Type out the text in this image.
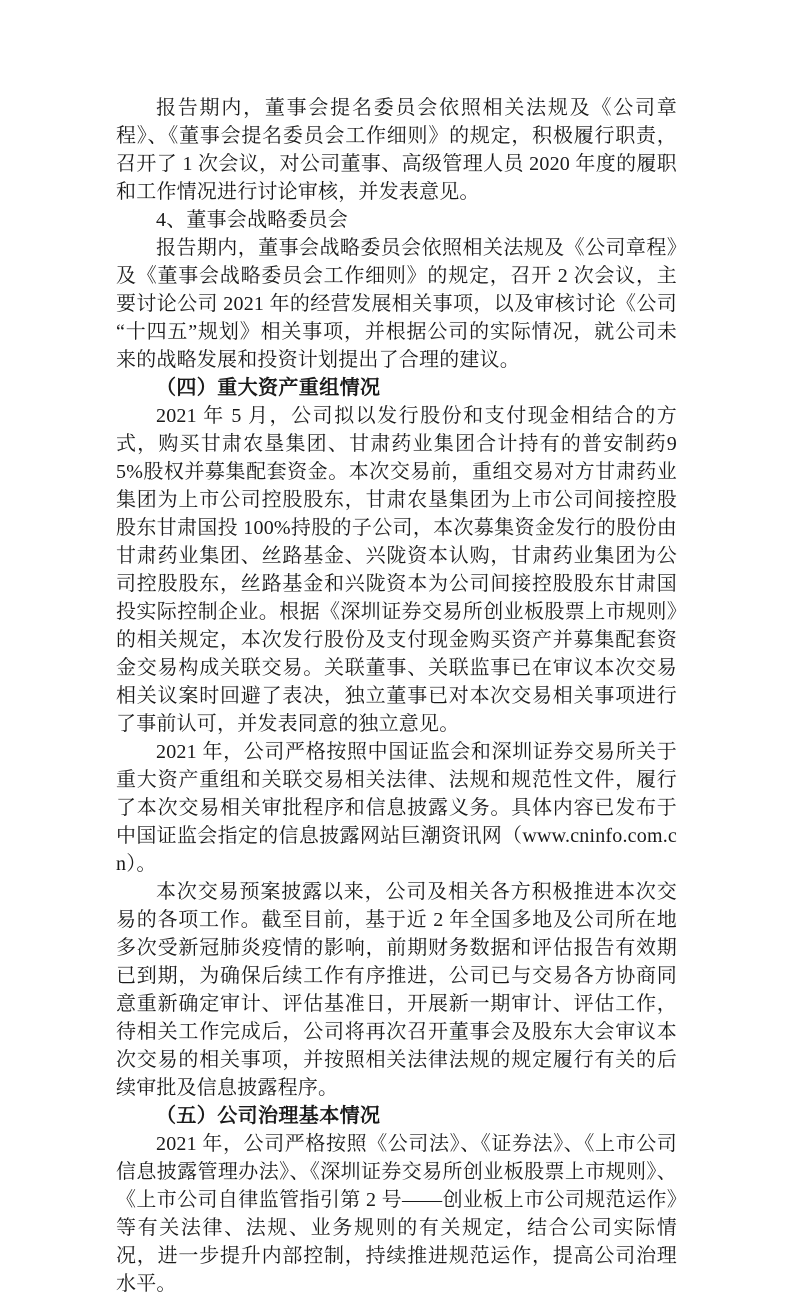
报告期内，董事会提名委员会依照相关法规及《公司章程》、《董事会提名委员会工作细则》的规定，积极履行职责，召开了 1 次会议，对公司董事、高级管理人员 2020 年度的履职和工作情况进行讨论审核，并发表意见。

4、董事会战略委员会

报告期内，董事会战略委员会依照相关法规及《公司章程》及《董事会战略委员会工作细则》的规定，召开 2 次会议，主要讨论公司 2021 年的经营发展相关事项，以及审核讨论《公司“十四五”规划》相关事项，并根据公司的实际情况，就公司未来的战略发展和投资计划提出了合理的建议。

（四）重大资产重组情况

2021 年 5 月，公司拟以发行股份和支付现金相结合的方式，购买甘肃农垦集团、甘肃药业集团合计持有的普安制药95%股权并募集配套资金。本次交易前，重组交易对方甘肃药业集团为上市公司控股股东，甘肃农垦集团为上市公司间接控股股东甘肃国投 100%持股的子公司，本次募集资金发行的股份由甘肃药业集团、丝路基金、兴陇资本认购，甘肃药业集团为公司控股股东，丝路基金和兴陇资本为公司间接控股股东甘肃国投实际控制企业。根据《深圳证券交易所创业板股票上市规则》的相关规定，本次发行股份及支付现金购买资产并募集配套资金交易构成关联交易。关联董事、关联监事已在审议本次交易相关议案时回避了表决，独立董事已对本次交易相关事项进行了事前认可，并发表同意的独立意见。

2021 年，公司严格按照中国证监会和深圳证券交易所关于重大资产重组和关联交易相关法律、法规和规范性文件，履行了本次交易相关审批程序和信息披露义务。具体内容已发布于中国证监会指定的信息披露网站巨潮资讯网（www.cninfo.com.cn）。

本次交易预案披露以来，公司及相关各方积极推进本次交易的各项工作。截至目前，基于近 2 年全国多地及公司所在地多次受新冠肺炎疫情的影响，前期财务数据和评估报告有效期已到期，为确保后续工作有序推进，公司已与交易各方协商同意重新确定审计、评估基准日，开展新一期审计、评估工作，待相关工作完成后，公司将再次召开董事会及股东大会审议本次交易的相关事项，并按照相关法律法规的规定履行有关的后续审批及信息披露程序。

（五）公司治理基本情况

2021 年，公司严格按照《公司法》、《证券法》、《上市公司信息披露管理办法》、《深圳证券交易所创业板股票上市规则》、《上市公司自律监管指引第 2 号——创业板上市公司规范运作》等有关法律、法规、业务规则的有关规定，结合公司实际情况，进一步提升内部控制，持续推进规范运作，提高公司治理水平。
